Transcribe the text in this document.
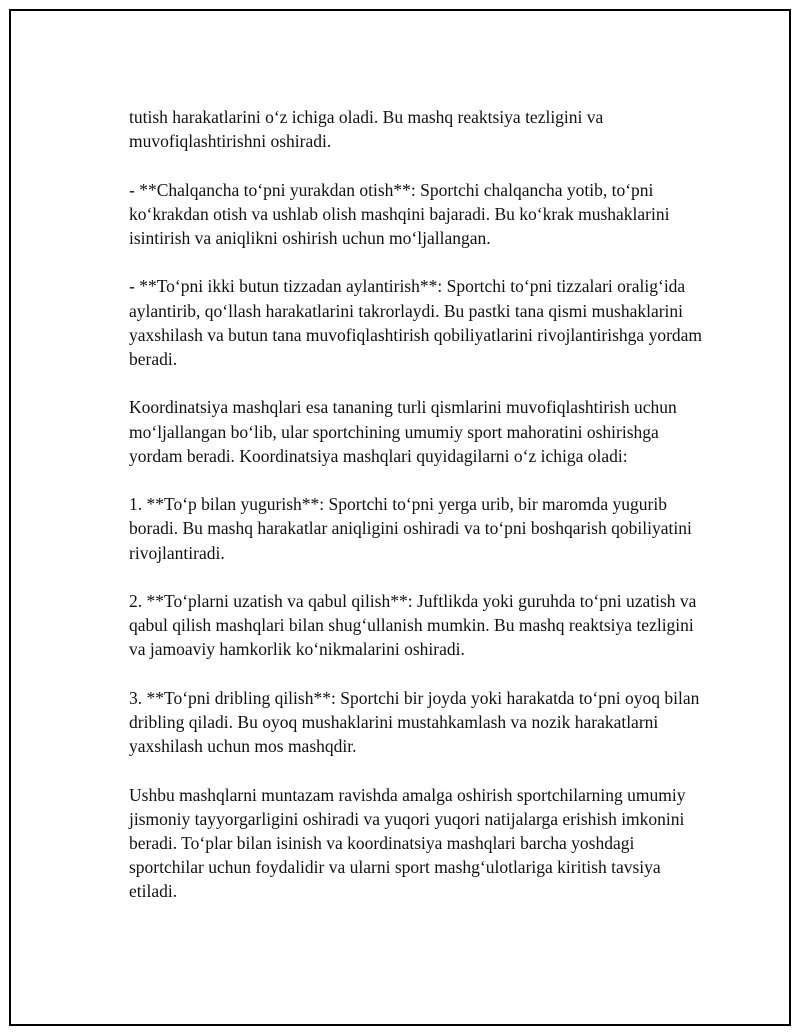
tutish harakatlarini o‘z ichiga oladi. Bu mashq reaktsiya tezligini va muvofiqlashtirishni oshiradi.

- **Chalqancha to‘pni yurakdan otish**: Sportchi chalqancha yotib, to‘pni ko‘krakdan otish va ushlab olish mashqini bajaradi. Bu ko‘krak mushaklarini isintirish va aniqlikni oshirish uchun mo‘ljallangan.

- **To‘pni ikki butun tizzadan aylantirish**: Sportchi to‘pni tizzalari oralig‘ida aylantirib, qo‘llash harakatlarini takrorlaydi. Bu pastki tana qismi mushaklarini yaxshilash va butun tana muvofiqlashtirish qobiliyatlarini rivojlantirishga yordam beradi.

Koordinatsiya mashqlari esa tananing turli qismlarini muvofiqlashtirish uchun mo‘ljallangan bo‘lib, ular sportchining umumiy sport mahoratini oshirishga yordam beradi. Koordinatsiya mashqlari quyidagilarni o‘z ichiga oladi:

1. **To‘p bilan yugurish**: Sportchi to‘pni yerga urib, bir maromda yugurib boradi. Bu mashq harakatlar aniqligini oshiradi va to‘pni boshqarish qobiliyatini rivojlantiradi.

2. **To‘plarni uzatish va qabul qilish**: Juftlikda yoki guruhda to‘pni uzatish va qabul qilish mashqlari bilan shug‘ullanish mumkin. Bu mashq reaktsiya tezligini va jamoaviy hamkorlik ko‘nikmalarini oshiradi.

3. **To‘pni dribling qilish**: Sportchi bir joyda yoki harakatda to‘pni oyoq bilan dribling qiladi. Bu oyoq mushaklarini mustahkamlash va nozik harakatlarni yaxshilash uchun mos mashqdir.

Ushbu mashqlarni muntazam ravishda amalga oshirish sportchilarning umumiy jismoniy tayyorgarligini oshiradi va yuqori yuqori natijalarga erishish imkonini beradi. To‘plar bilan isinish va koordinatsiya mashqlari barcha yoshdagi sportchilar uchun foydalidir va ularni sport mashg‘ulotlariga kiritish tavsiya etiladi.
